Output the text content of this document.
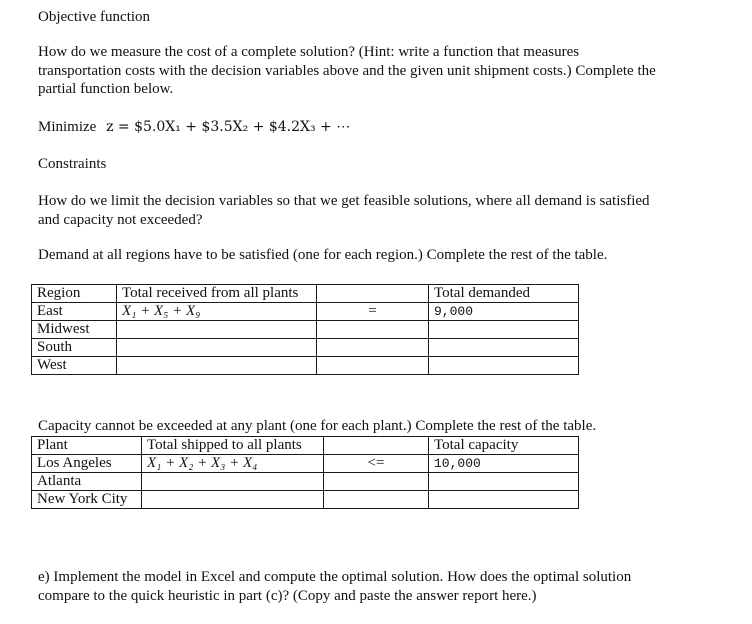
Objective function
How do we measure the cost of a complete solution? (Hint: write a function that measures
transportation costs with the decision variables above and the given unit shipment costs.) Complete the
partial function below.
Minimize z = $5.0X₁ + $3.5X₂ + $4.2X₃ + ⋯
Constraints
How do we limit the decision variables so that we get feasible solutions, where all demand is satisfied
and capacity not exceeded?
Demand at all regions have to be satisfied (one for each region.) Complete the rest of the table.
Region	Total received from all plants		Total demanded
East	X₁ + X₅ + X₉	=	9,000
Midwest			
South			
West			
Capacity cannot be exceeded at any plant (one for each plant.) Complete the rest of the table.
Plant	Total shipped to all plants		Total capacity
Los Angeles	X₁ + X₂ + X₃ + X₄	<=	10,000
Atlanta			
New York City			
e) Implement the model in Excel and compute the optimal solution. How does the optimal solution
compare to the quick heuristic in part (c)? (Copy and paste the answer report here.)
